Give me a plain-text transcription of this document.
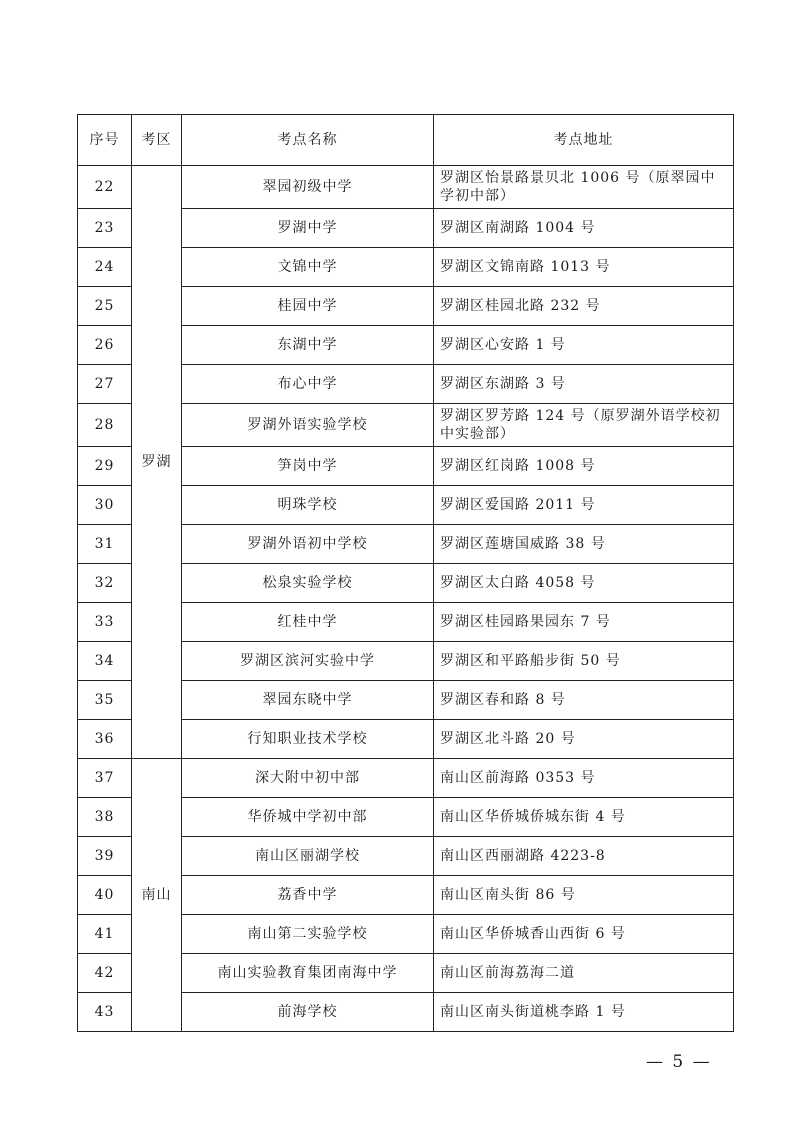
序号	考区	考点名称	考点地址
22	罗湖	翠园初级中学	罗湖区怡景路景贝北 1006 号（原翠园中学初中部）
23		罗湖中学	罗湖区南湖路 1004 号
24		文锦中学	罗湖区文锦南路 1013 号
25		桂园中学	罗湖区桂园北路 232 号
26		东湖中学	罗湖区心安路 1 号
27		布心中学	罗湖区东湖路 3 号
28		罗湖外语实验学校	罗湖区罗芳路 124 号（原罗湖外语学校初中实验部）
29		笋岗中学	罗湖区红岗路 1008 号
30		明珠学校	罗湖区爱国路 2011 号
31		罗湖外语初中学校	罗湖区莲塘国威路 38 号
32		松泉实验学校	罗湖区太白路 4058 号
33		红桂中学	罗湖区桂园路果园东 7 号
34		罗湖区滨河实验中学	罗湖区和平路船步街 50 号
35		翠园东晓中学	罗湖区春和路 8 号
36		行知职业技术学校	罗湖区北斗路 20 号
37	南山	深大附中初中部	南山区前海路 0353 号
38		华侨城中学初中部	南山区华侨城侨城东街 4 号
39		南山区丽湖学校	南山区西丽湖路 4223-8
40		荔香中学	南山区南头街 86 号
41		南山第二实验学校	南山区华侨城香山西街 6 号
42		南山实验教育集团南海中学	南山区前海荔海二道
43		前海学校	南山区南头街道桃李路 1 号
— 5 —
